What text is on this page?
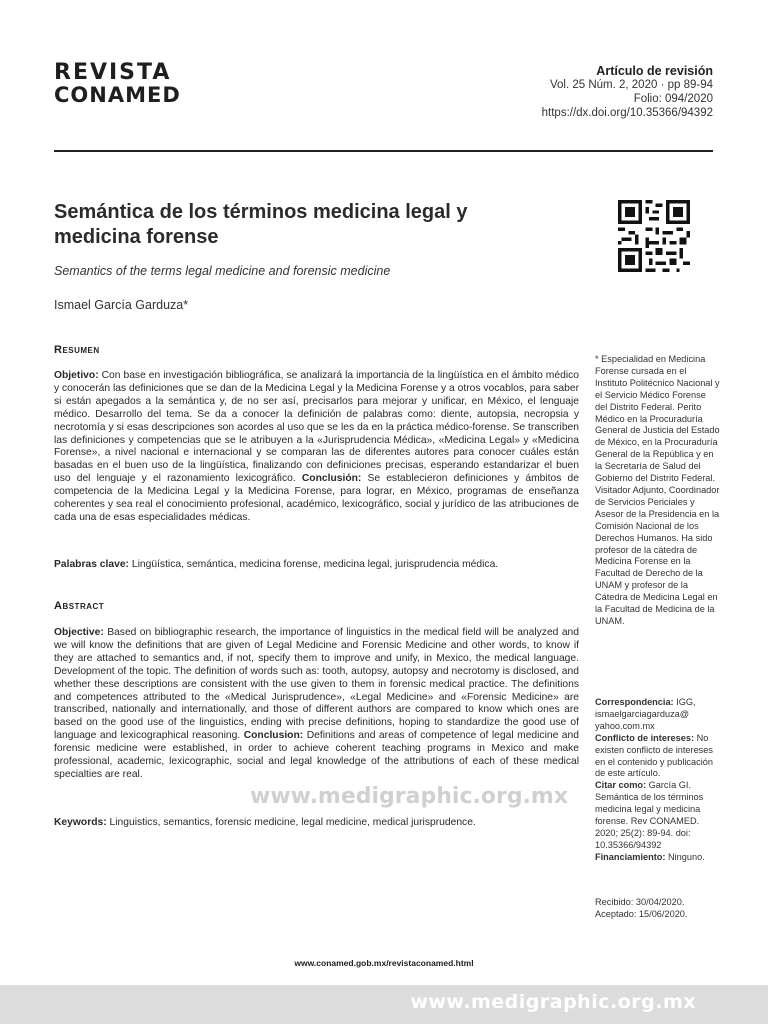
REVISTA
CONAMED
Artículo de revisión
Vol. 25 Núm. 2, 2020 · pp 89-94
Folio: 094/2020
https://dx.doi.org/10.35366/94392
Semántica de los términos medicina legal y medicina forense
Semantics of the terms legal medicine and forensic medicine
Ismael García Garduza*
Resumen
Objetivo: Con base en investigación bibliográfica, se analizará la importancia de la lingüística en el ámbito médico y conocerán las definiciones que se dan de la Medicina Legal y la Medicina Forense y a otros vocablos, para saber si están apegados a la semántica y, de no ser así, precisarlos para mejorar y unificar, en México, el lenguaje médico. Desarrollo del tema. Se da a conocer la definición de palabras como: diente, autopsia, necropsia y necrotomía y si esas descripciones son acordes al uso que se les da en la práctica médico-forense. Se transcriben las definiciones y competencias que se le atribuyen a la «Jurisprudencia Médica», «Medicina Legal» y «Medicina Forense», a nivel nacional e internacional y se comparan las de diferentes autores para conocer cuáles están basadas en el buen uso de la lingüística, finalizando con definiciones precisas, esperando estandarizar el buen uso del lenguaje y el razonamiento lexicográfico. Conclusión: Se establecieron definiciones y ámbitos de competencia de la Medicina Legal y la Medicina Forense, para lograr, en México, programas de enseñanza coherentes y sea real el conocimiento profesional, académico, lexicográfico, social y jurídico de las atribuciones de cada una de esas especialidades médicas.
Palabras clave: Lingüística, semántica, medicina forense, medicina legal, jurisprudencia médica.
Abstract
Objective: Based on bibliographic research, the importance of linguistics in the medical field will be analyzed and we will know the definitions that are given of Legal Medicine and Forensic Medicine and other words, to know if they are attached to semantics and, if not, specify them to improve and unify, in Mexico, the medical language. Development of the topic. The definition of words such as: tooth, autopsy, autopsy and necrotomy is disclosed, and whether these descriptions are consistent with the use given to them in forensic medical practice. The definitions and competences attributed to the «Medical Jurisprudence», «Legal Medicine» and «Forensic Medicine» are transcribed, nationally and internationally, and those of different authors are compared to know which ones are based on the good use of the linguistics, ending with precise definitions, hoping to standardize the good use of language and lexicographical reasoning. Conclusion: Definitions and areas of competence of legal medicine and forensic medicine were established, in order to achieve coherent teaching programs in Mexico and make professional, academic, lexicographic, social and legal knowledge of the attributions of each of these medical specialties are real.
Keywords: Linguistics, semantics, forensic medicine, legal medicine, medical jurisprudence.
* Especialidad en Medicina Forense cursada en el Instituto Politécnico Nacional y el Servicio Médico Forense del Distrito Federal. Perito Médico en la Procuraduría General de Justicia del Estado de México, en la Procuraduría General de la República y en la Secretaría de Salud del Gobierno del Distrito Federal. Visitador Adjunto, Coordinador de Servicios Periciales y Asesor de la Presidencia en la Comisión Nacional de los Derechos Humanos. Ha sido profesor de la cátedra de Medicina Forense en la Facultad de Derecho de la UNAM y profesor de la Cátedra de Medicina Legal en la Facultad de Medicina de la UNAM.
Correspondencia: IGG, ismaelgarciagarduza@ yahoo.com.mx
Conflicto de intereses: No existen conflicto de intereses en el contenido y publicación de este artículo.
Citar como: García GI. Semántica de los términos medicina legal y medicina forense. Rev CONAMED. 2020; 25(2): 89-94. doi: 10.35366/94392
Financiamiento: Ninguno.
Recibido: 30/04/2020.
Aceptado: 15/06/2020.
www.medigraphic.org.mx
www.conamed.gob.mx/revistaconamed.html
www.medigraphic.org.mx
